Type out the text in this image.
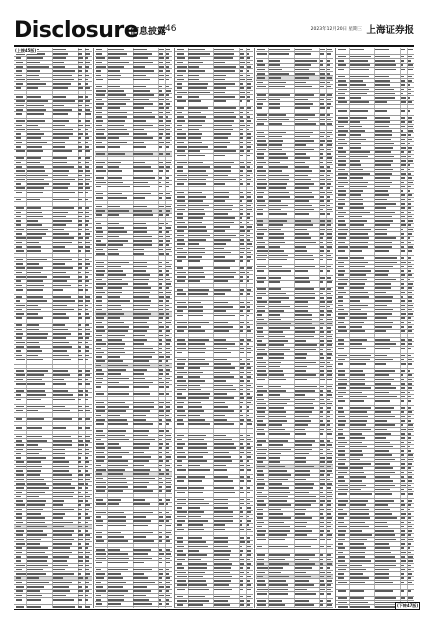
Disclosure
信息披露
/46	2023年12月20日 星期三 上海证券报
(上接45版)
(下转47版)
